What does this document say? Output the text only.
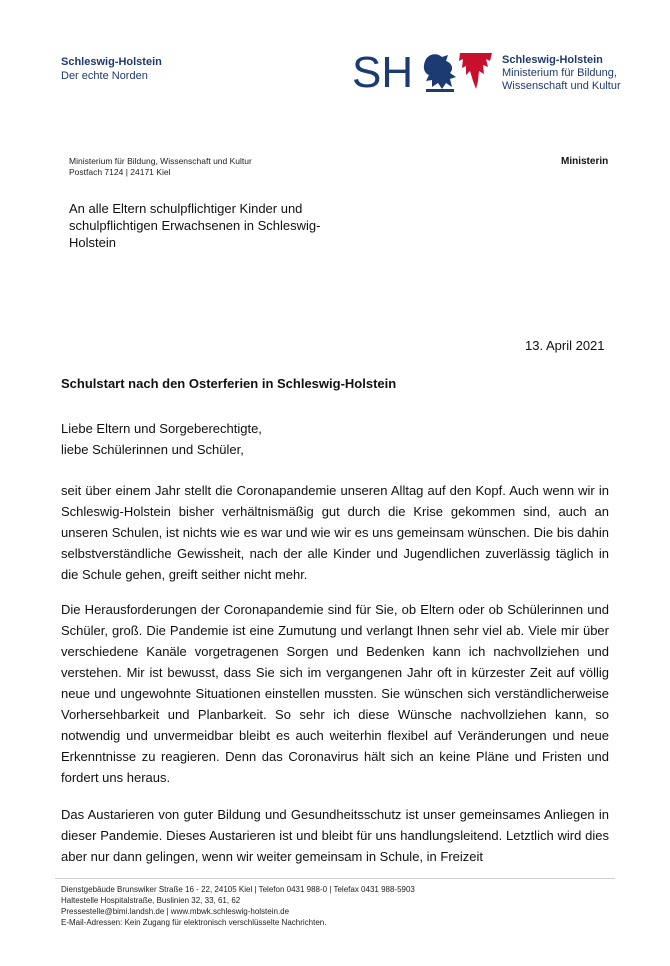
Schleswig-Holstein
Der echte Norden	SH	Schleswig-Holstein
Ministerium für Bildung,
Wissenschaft und Kultur
Ministerium für Bildung, Wissenschaft und Kultur
Postfach 7124 | 24171 Kiel
Ministerin
An alle Eltern schulpflichtiger Kinder und
schulpflichtigen Erwachsenen in Schleswig-
Holstein
13. April 2021
Schulstart nach den Osterferien in Schleswig-Holstein
Liebe Eltern und Sorgeberechtigte,
liebe Schülerinnen und Schüler,
seit über einem Jahr stellt die Coronapandemie unseren Alltag auf den Kopf. Auch wenn wir in Schleswig-Holstein bisher verhältnismäßig gut durch die Krise gekommen sind, auch an unseren Schulen, ist nichts wie es war und wie wir es uns gemeinsam wünschen. Die bis dahin selbstverständliche Gewissheit, nach der alle Kinder und Jugendlichen zuverlässig täglich in die Schule gehen, greift seither nicht mehr.
Die Herausforderungen der Coronapandemie sind für Sie, ob Eltern oder ob Schülerinnen und Schüler, groß. Die Pandemie ist eine Zumutung und verlangt Ihnen sehr viel ab. Viele mir über verschiedene Kanäle vorgetragenen Sorgen und Bedenken kann ich nachvollziehen und verstehen. Mir ist bewusst, dass Sie sich im vergangenen Jahr oft in kürzester Zeit auf völlig neue und ungewohnte Situationen einstellen mussten. Sie wünschen sich verständlicherweise Vorhersehbarkeit und Planbarkeit. So sehr ich diese Wünsche nachvollziehen kann, so notwendig und unvermeidbar bleibt es auch weiterhin flexibel auf Veränderungen und neue Erkenntnisse zu reagieren. Denn das Coronavirus hält sich an keine Pläne und Fristen und fordert uns heraus.
Das Austarieren von guter Bildung und Gesundheitsschutz ist unser gemeinsames Anliegen in dieser Pandemie. Dieses Austarieren ist und bleibt für uns handlungsleitend. Letztlich wird dies aber nur dann gelingen, wenn wir weiter gemeinsam in Schule, in Freizeit
Dienstgebäude Brunswiker Straße 16 - 22, 24105 Kiel | Telefon 0431 988-0 | Telefax 0431 988-5903
Haltestelle Hospitalstraße, Buslinien 32, 33, 61, 62
Pressestelle@bimi.landsh.de | www.mbwk.schleswig-holstein.de
E-Mail-Adressen: Kein Zugang für elektronisch verschlüsselte Nachrichten.
